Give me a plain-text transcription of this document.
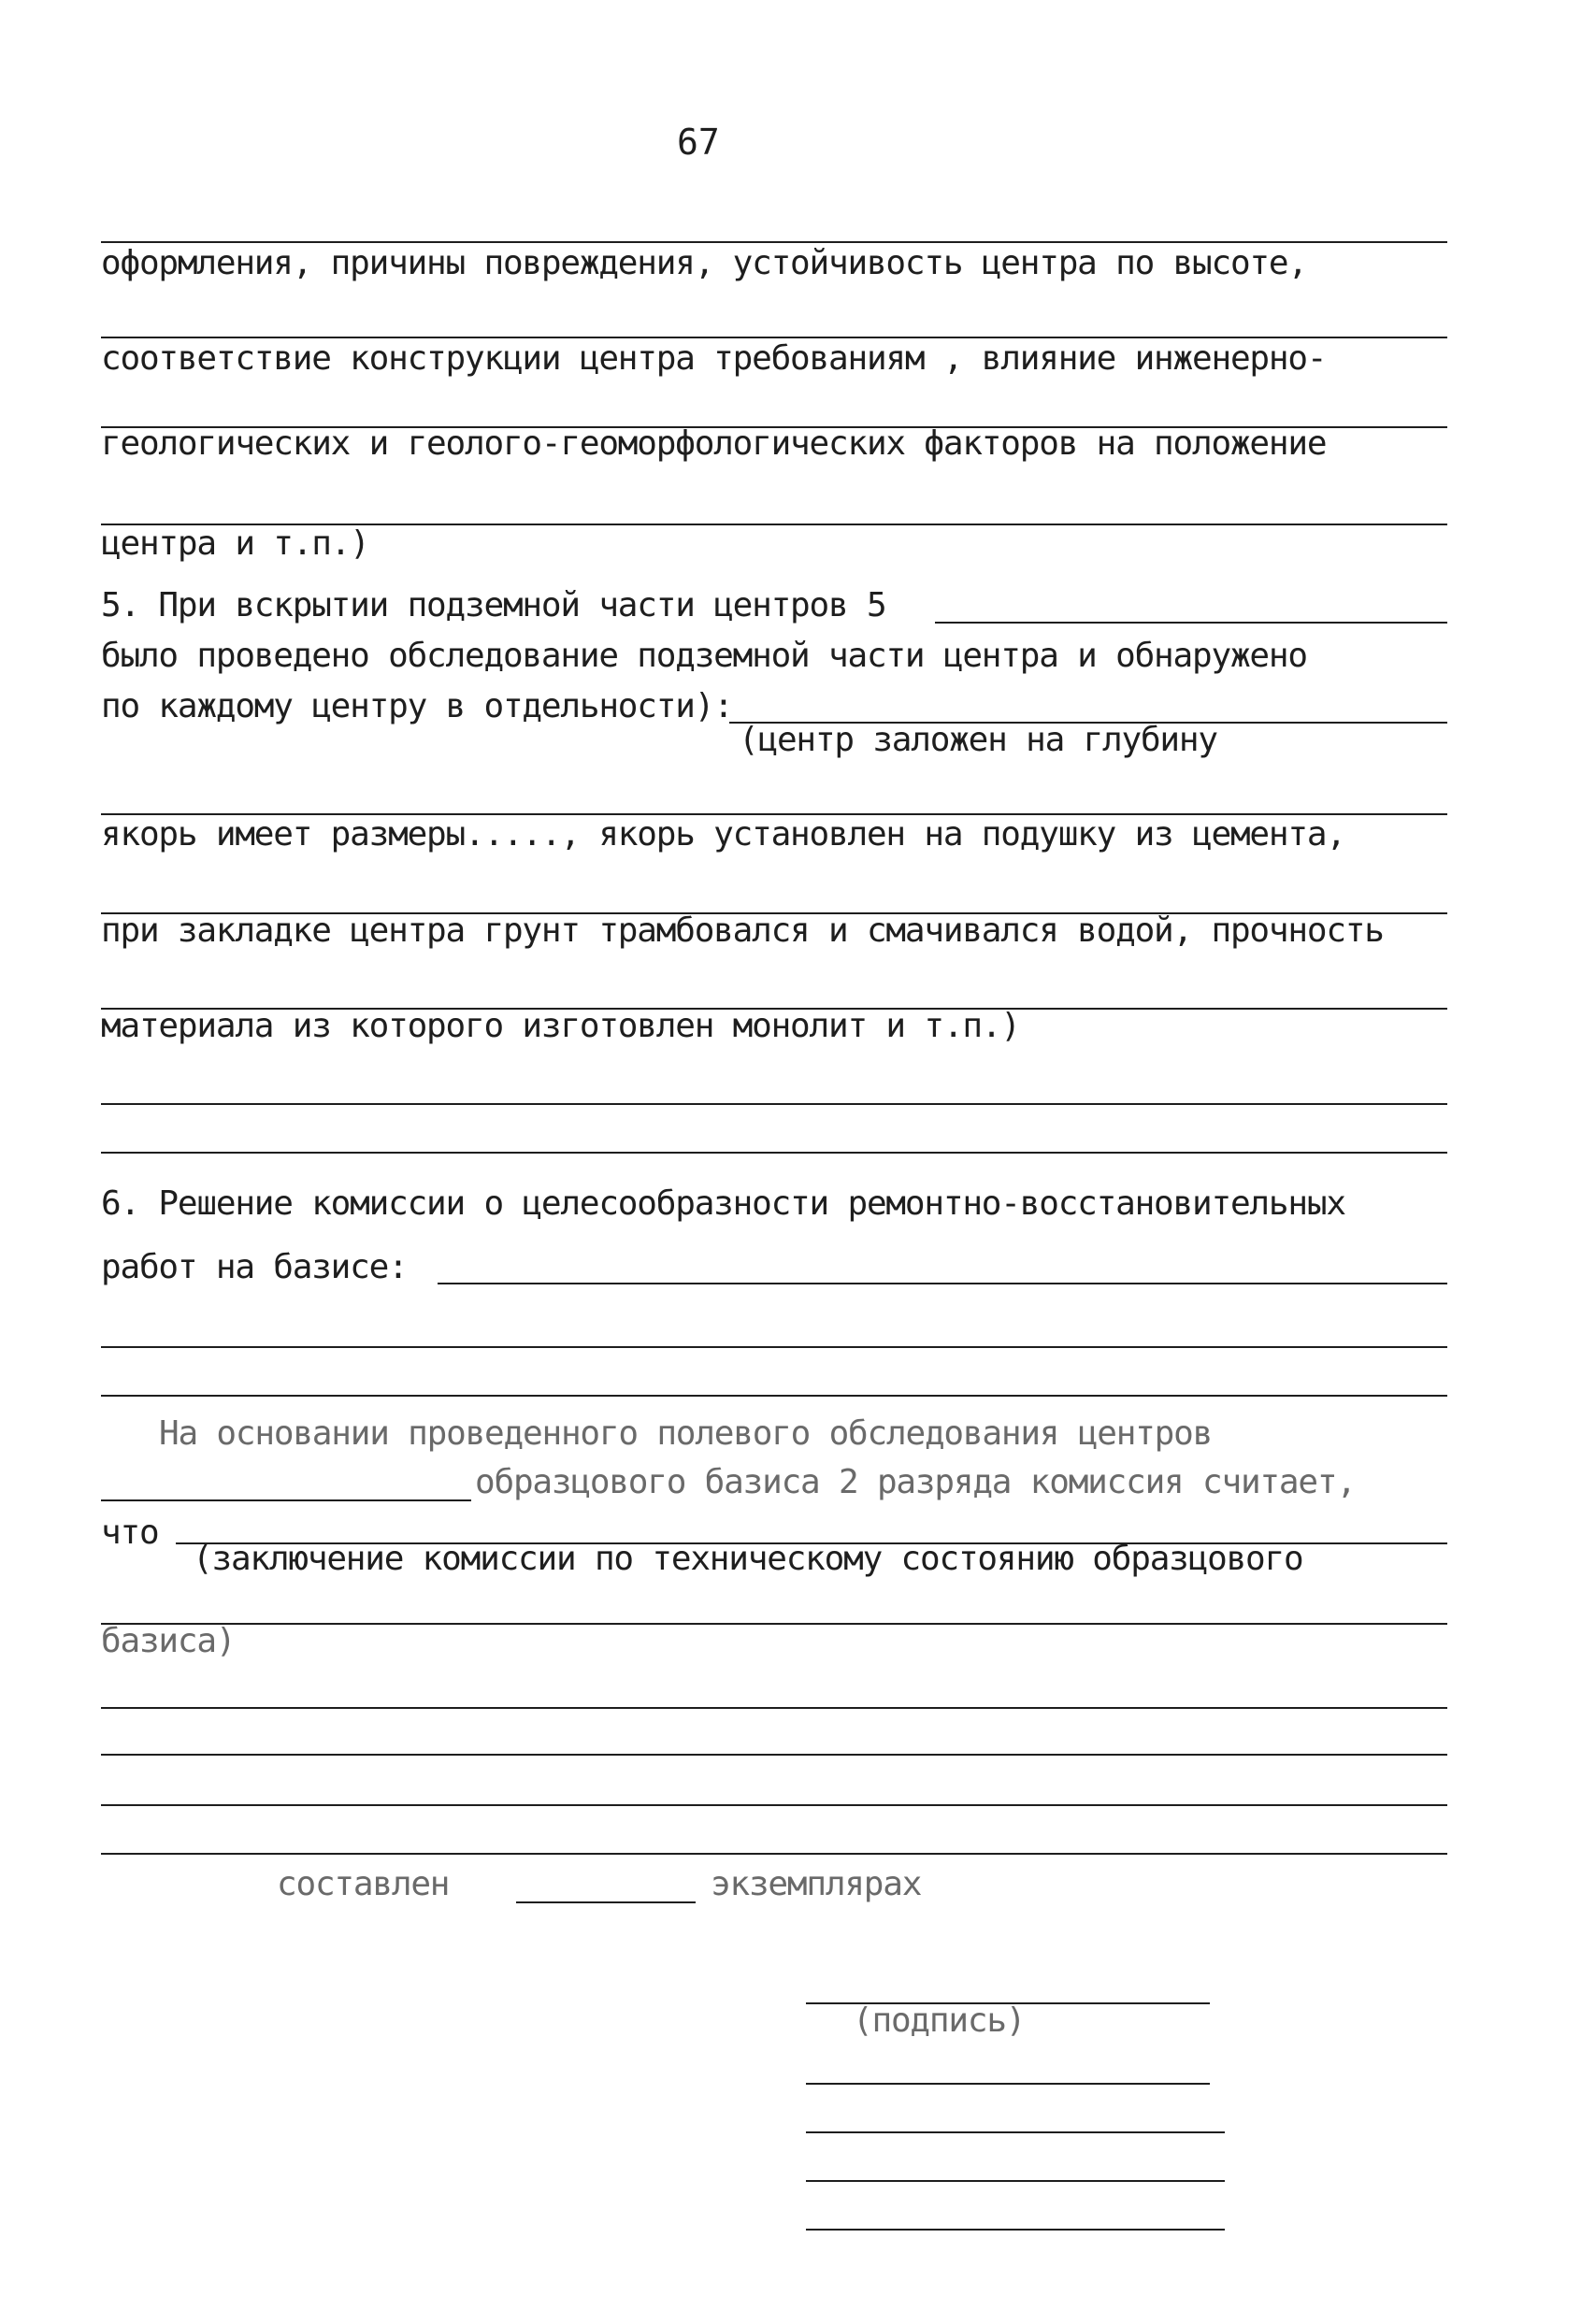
67
оформления, причины повреждения, устойчивость центра по высоте,
соответствие конструкции центра требованиям , влияние инженерно-
геологических и геолого-геоморфологических факторов на положение
центра и т.п.)
5. При вскрытии подземной части центров 5
было проведено обследование подземной части центра и обнаружено
по каждому центру в отдельности):
(центр заложен на глубину
якорь имеет размеры....., якорь установлен на подушку из цемента,
при закладке центра грунт трамбовался и смачивался водой, прочность
материала из которого изготовлен монолит и т.п.)
6. Решение комиссии о целесообразности ремонтно-восстановительных
работ на базисе:
На основании проведенного полевого обследования центров
образцового базиса 2 разряда комиссия считает,
что
(заключение комиссии по техническому состоянию образцового
базиса)
составлен	экземплярах
(подпись)
